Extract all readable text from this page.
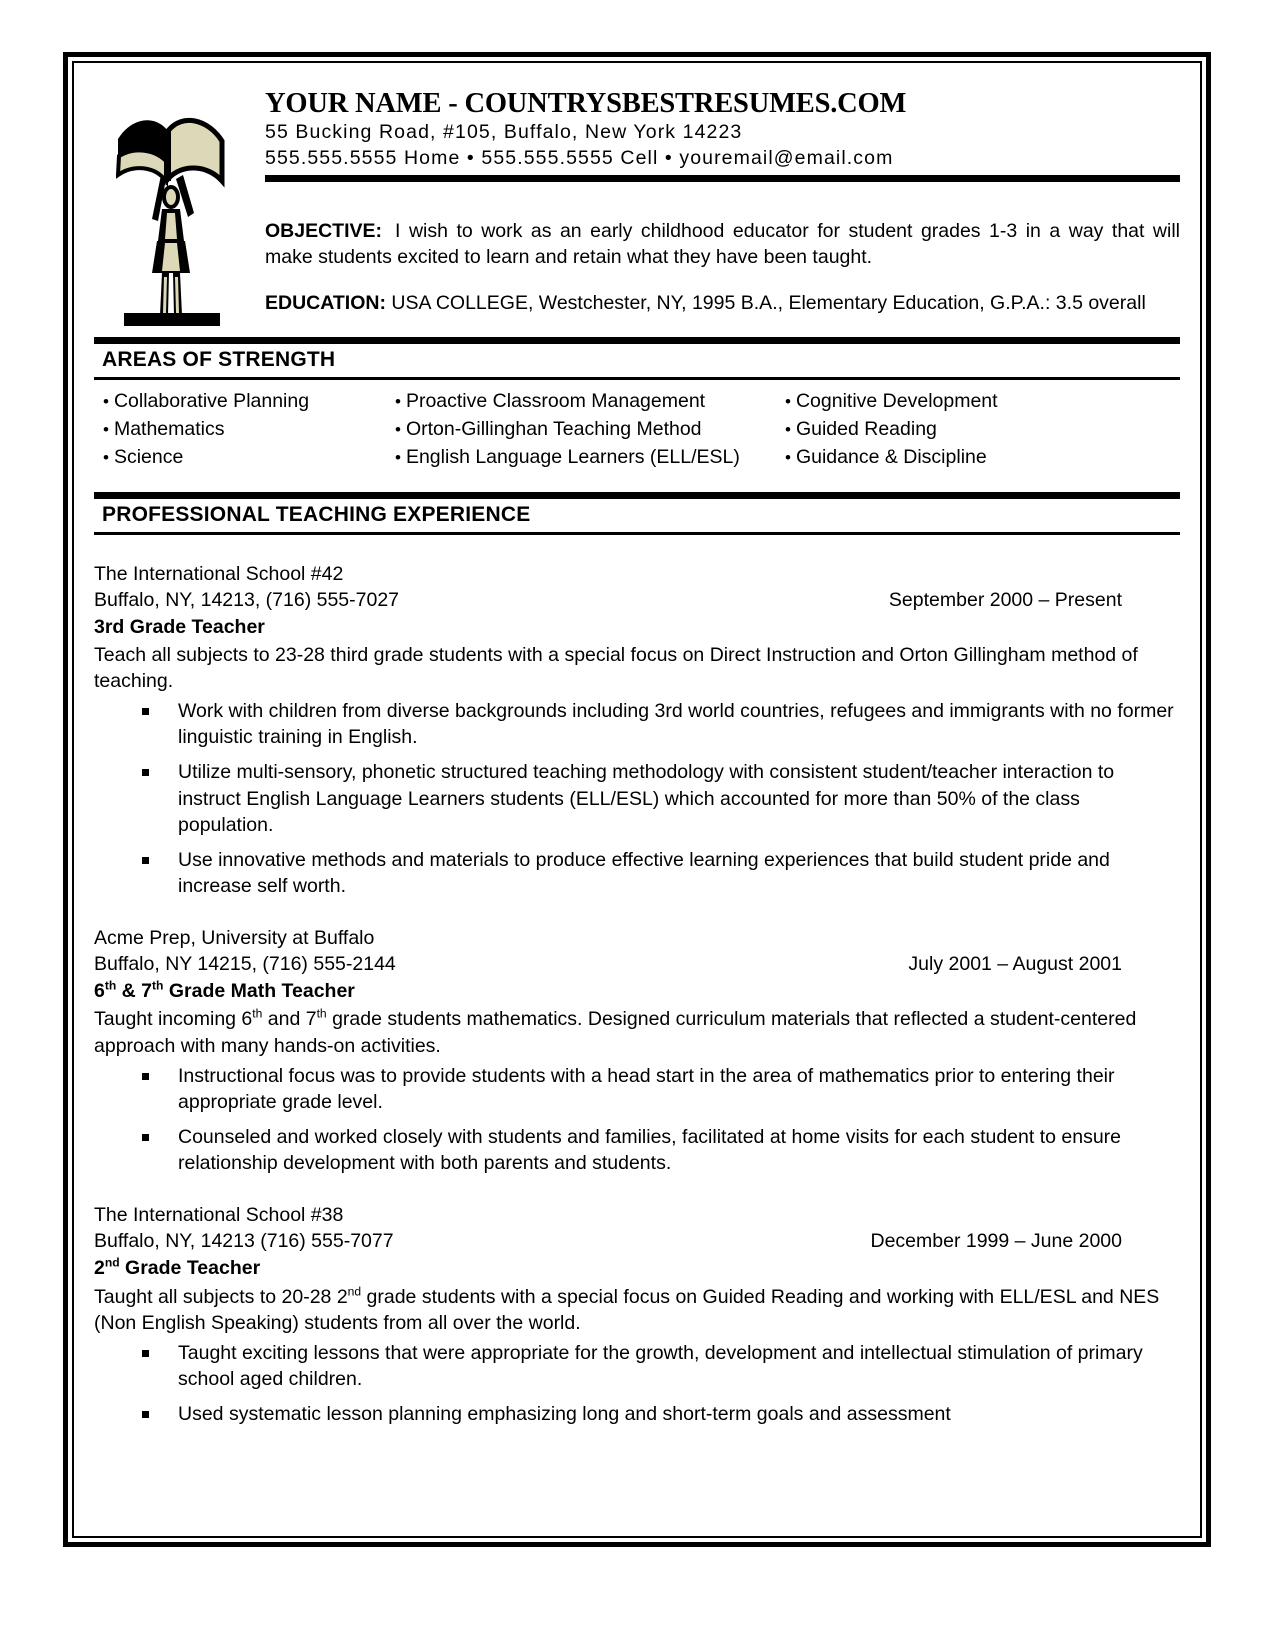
YOUR NAME - COUNTRYSBESTRESUMES.COM
55 Bucking Road, #105, Buffalo, New York 14223
555.555.5555 Home • 555.555.5555 Cell • youremail@email.com
OBJECTIVE: I wish to work as an early childhood educator for student grades 1-3 in a way that will make students excited to learn and retain what they have been taught.
EDUCATION: USA COLLEGE, Westchester, NY, 1995 B.A., Elementary Education, G.P.A.: 3.5 overall
AREAS OF STRENGTH
• Collaborative Planning
• Mathematics
• Science
• Proactive Classroom Management
• Orton-Gillinghan Teaching Method
• English Language Learners (ELL/ESL)
• Cognitive Development
• Guided Reading
• Guidance & Discipline
PROFESSIONAL TEACHING EXPERIENCE
The International School #42
Buffalo, NY, 14213, (716) 555-7027	September 2000 – Present
3rd Grade Teacher
Teach all subjects to 23-28 third grade students with a special focus on Direct Instruction and Orton Gillingham method of teaching.
Work with children from diverse backgrounds including 3rd world countries, refugees and immigrants with no former linguistic training in English.
Utilize multi-sensory, phonetic structured teaching methodology with consistent student/teacher interaction to instruct English Language Learners students (ELL/ESL) which accounted for more than 50% of the class population.
Use innovative methods and materials to produce effective learning experiences that build student pride and increase self worth.
Acme Prep, University at Buffalo
Buffalo, NY 14215, (716) 555-2144	July 2001 – August 2001
6th & 7th Grade Math Teacher
Taught incoming 6th and 7th grade students mathematics. Designed curriculum materials that reflected a student-centered approach with many hands-on activities.
Instructional focus was to provide students with a head start in the area of mathematics prior to entering their appropriate grade level.
Counseled and worked closely with students and families, facilitated at home visits for each student to ensure relationship development with both parents and students.
The International School #38
Buffalo, NY, 14213 (716) 555-7077	December 1999 – June 2000
2nd Grade Teacher
Taught all subjects to 20-28 2nd grade students with a special focus on Guided Reading and working with ELL/ESL and NES (Non English Speaking) students from all over the world.
Taught exciting lessons that were appropriate for the growth, development and intellectual stimulation of primary school aged children.
Used systematic lesson planning emphasizing long and short-term goals and assessment
